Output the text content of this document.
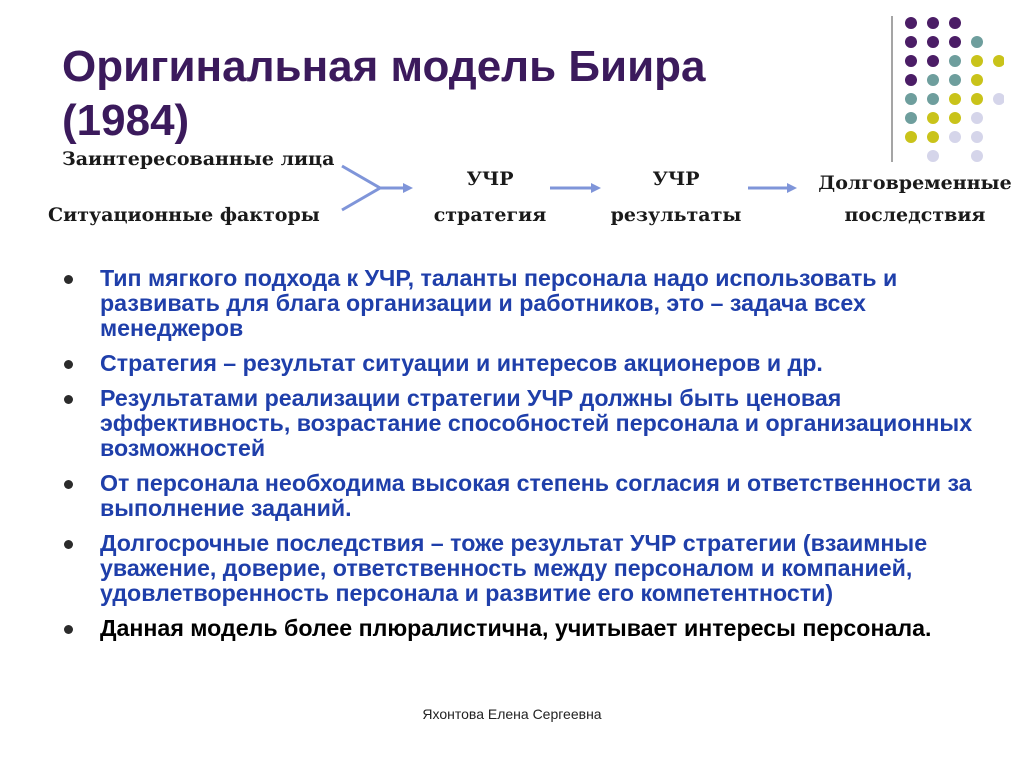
Оригинальная модель Биира (1984)
Заинтересованные лица
Ситуационные факторы
УЧР
стратегия
УЧР
результаты
Долговременные
последствия
Тип мягкого подхода к УЧР, таланты персонала надо использовать и развивать для блага организации и работников, это – задача всех менеджеров
Стратегия – результат ситуации и интересов акционеров и др.
Результатами реализации стратегии УЧР должны быть ценовая эффективность, возрастание способностей персонала и организационных возможностей
От персонала необходима высокая степень согласия и ответственности за выполнение заданий.
Долгосрочные последствия – тоже результат УЧР стратегии (взаимные уважение, доверие, ответственность между персоналом и компанией, удовлетворенность персонала и развитие его компетентности)
Данная модель более плюралистична, учитывает интересы персонала.
Яхонтова Елена Сергеевна
